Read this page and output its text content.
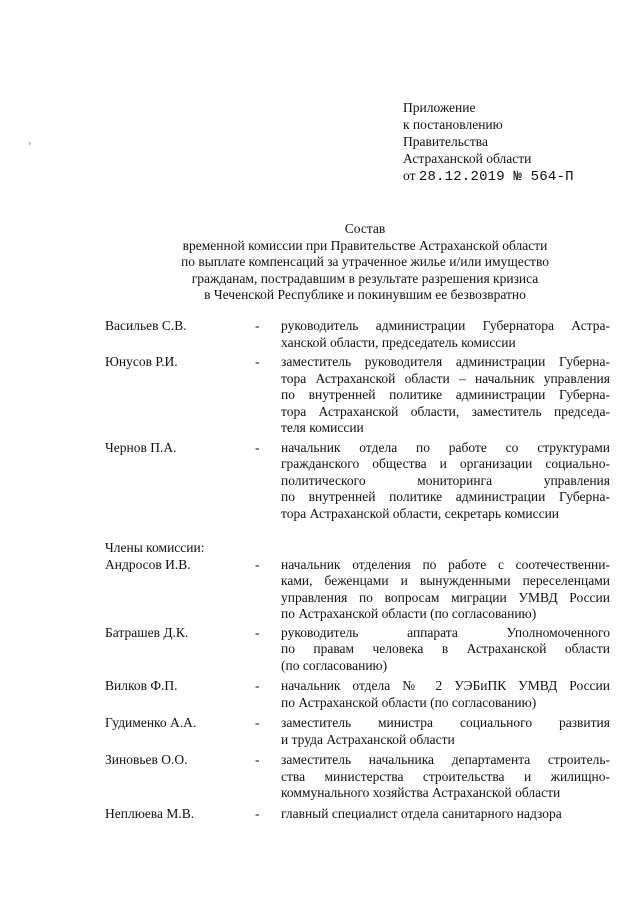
›
Приложение
к постановлению
Правительства
Астраханской области
от 28.12.2019 № 564-П
Состав
временной комиссии при Правительстве Астраханской области
по выплате компенсаций за утраченное жилье и/или имущество
гражданам, пострадавшим в результате разрешения кризиса
в Чеченской Республике и покинувшим ее безвозвратно
Васильев С.В.	-	руководитель администрации Губернатора Астра-
ханской области, председатель комиссии
Юнусов Р.И.	-	заместитель руководителя администрации Губерна-
тора Астраханской области – начальник управления
по внутренней политике администрации Губерна-
тора Астраханской области, заместитель председа-
теля комиссии
Чернов П.А.	-	начальник отдела по работе со структурами
гражданского общества и организации социально-
политического мониторинга управления
по внутренней политике администрации Губерна-
тора Астраханской области, секретарь комиссии
Члены комиссии:
Андросов И.В.	-	начальник отделения по работе с соотечественни-
ками, беженцами и вынужденными переселенцами
управления по вопросам миграции УМВД России
по Астраханской области (по согласованию)
Батрашев Д.К.	-	руководитель аппарата Уполномоченного
по правам человека в Астраханской области
(по согласованию)
Вилков Ф.П.	-	начальник отдела № 2 УЭБиПК УМВД России
по Астраханской области (по согласованию)
Гудименко А.А.	-	заместитель министра социального развития
и труда Астраханской области
Зиновьев О.О.	-	заместитель начальника департамента строитель-
ства министерства строительства и жилищно-
коммунального хозяйства Астраханской области
Неплюева М.В.	-	главный специалист отдела санитарного надзора
